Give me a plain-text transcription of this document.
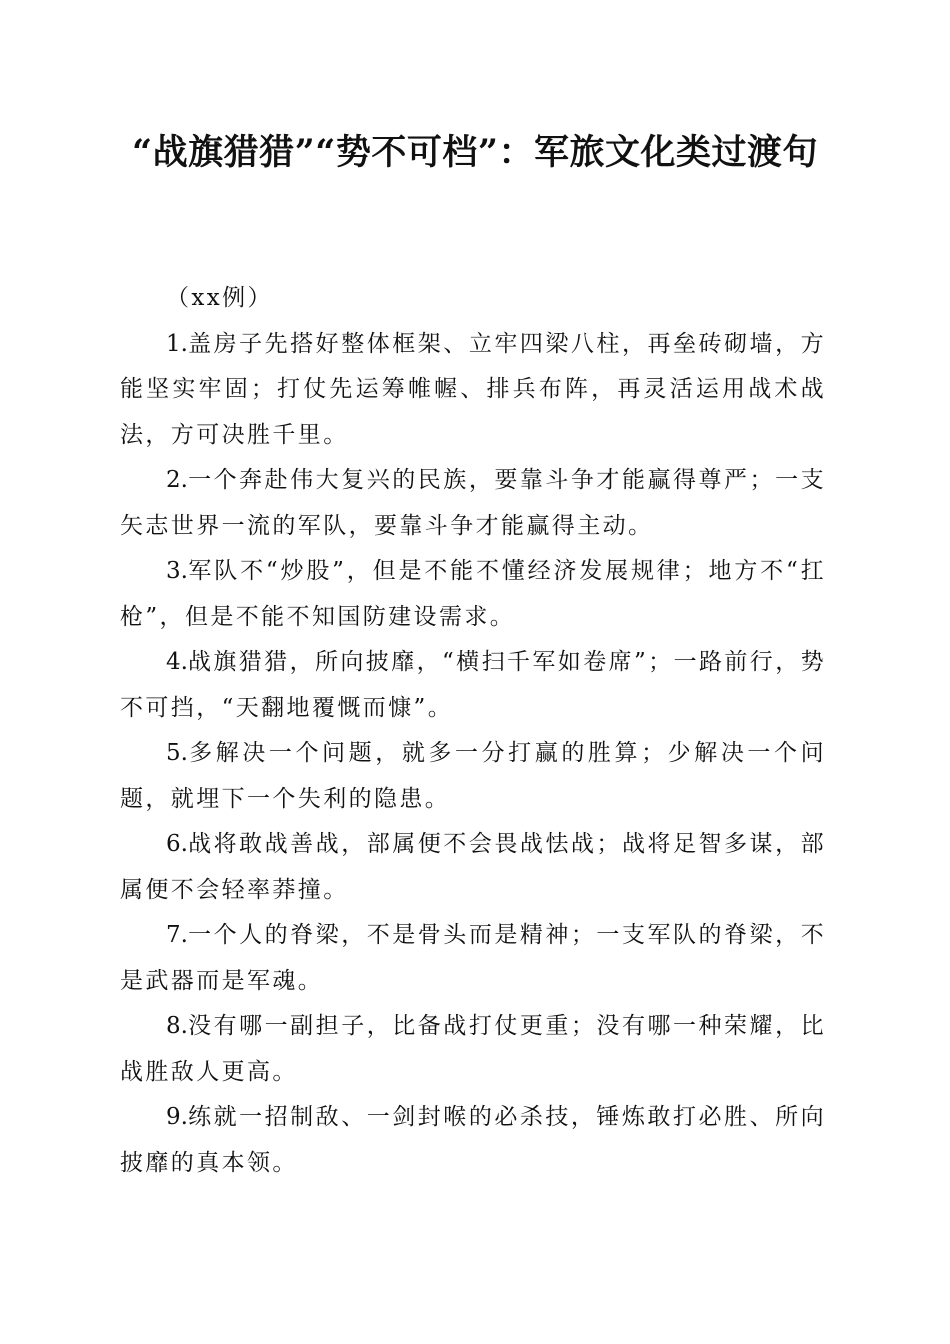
“战旗猎猎”“势不可档”：军旅文化类过渡句

（xx例）

1.盖房子先搭好整体框架、立牢四梁八柱，再垒砖砌墙，方能坚实牢固；打仗先运筹帷幄、排兵布阵，再灵活运用战术战法，方可决胜千里。

2.一个奔赴伟大复兴的民族，要靠斗争才能赢得尊严；一支矢志世界一流的军队，要靠斗争才能赢得主动。

3.军队不“炒股”，但是不能不懂经济发展规律；地方不“扛枪”，但是不能不知国防建设需求。

4.战旗猎猎，所向披靡，“横扫千军如卷席”；一路前行，势不可挡，“天翻地覆慨而慷”。

5.多解决一个问题，就多一分打赢的胜算；少解决一个问题，就埋下一个失利的隐患。

6.战将敢战善战，部属便不会畏战怯战；战将足智多谋，部属便不会轻率莽撞。

7.一个人的脊梁，不是骨头而是精神；一支军队的脊梁，不是武器而是军魂。

8.没有哪一副担子，比备战打仗更重；没有哪一种荣耀，比战胜敌人更高。

9.练就一招制敌、一剑封喉的必杀技，锤炼敢打必胜、所向披靡的真本领。
